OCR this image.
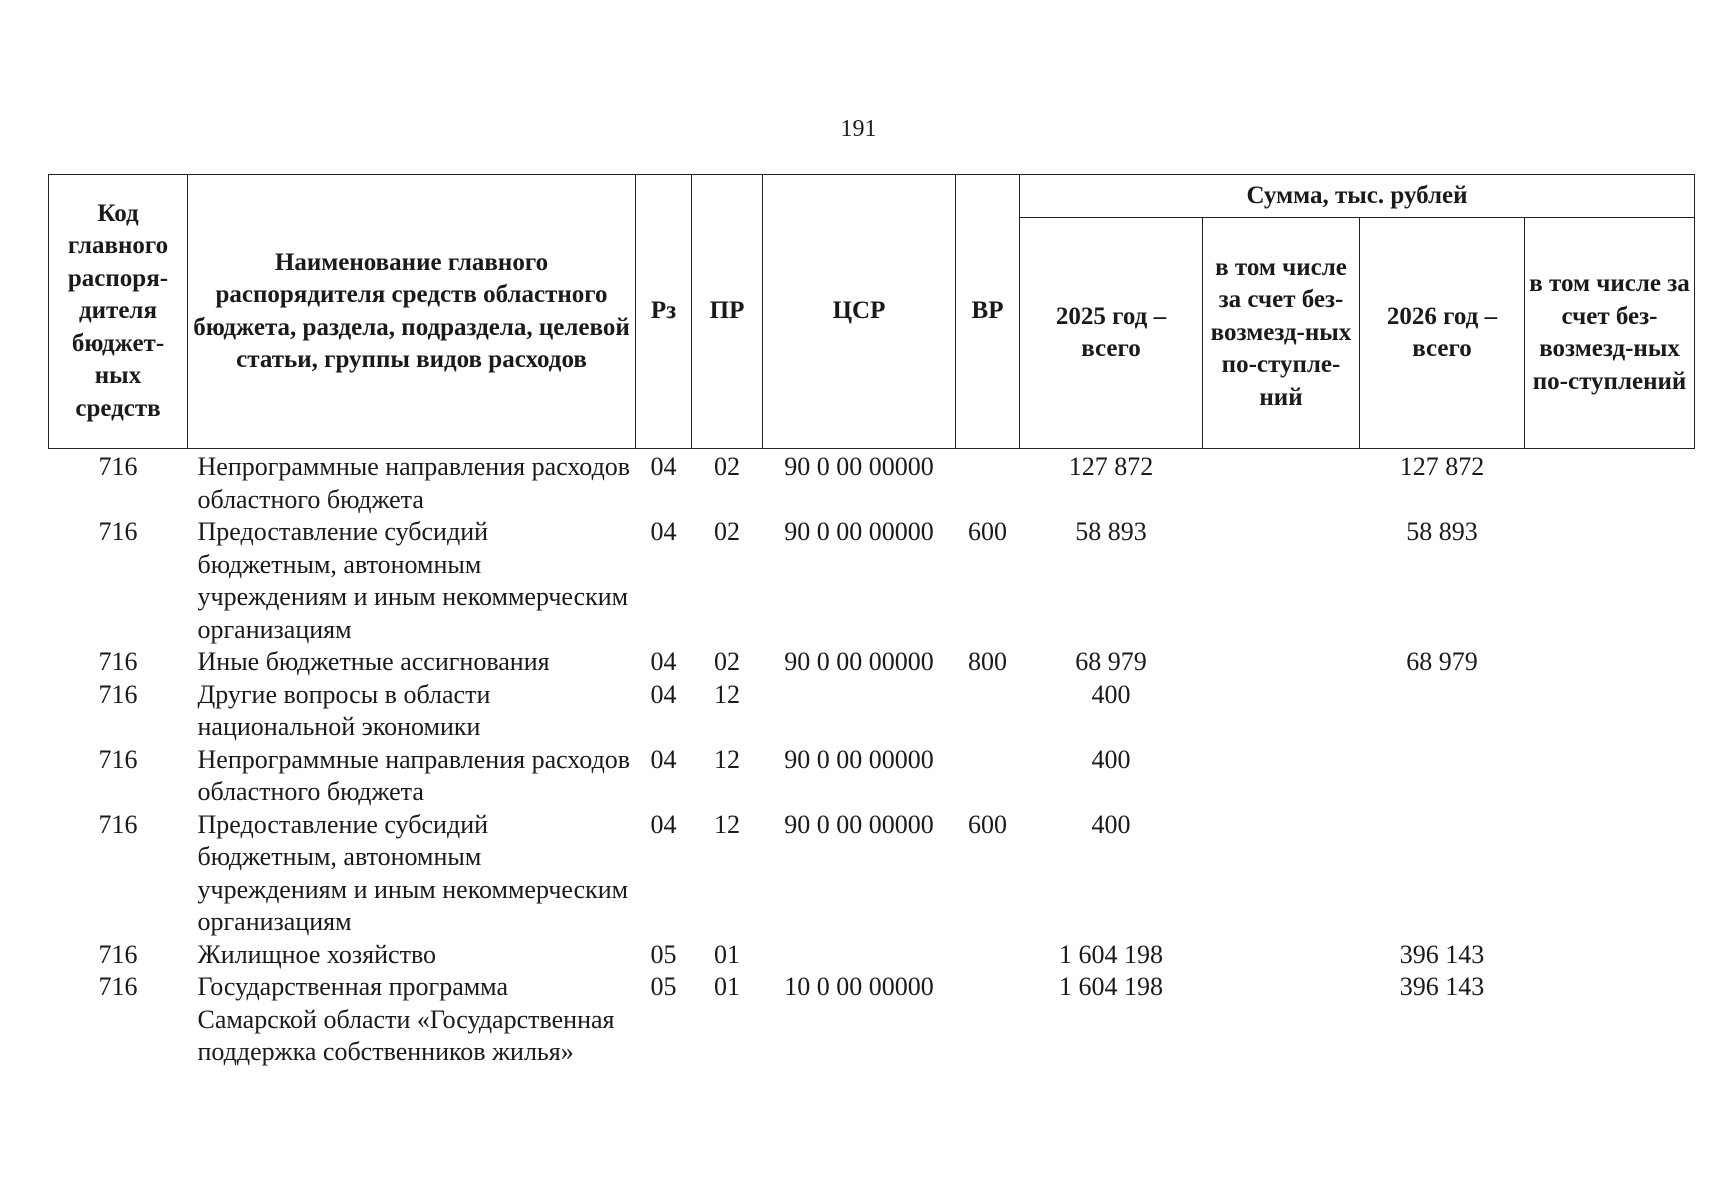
191
Код главного распоря-дителя бюджет-ных средств	Наименование главного распорядителя средств областного бюджета, раздела, подраздела, целевой статьи, группы видов расходов	Рз	ПР	ЦСР	ВР	Сумма, тыс. рублей			
						2025 год – всего	в том числе за счет без-возмезд-ных по-ступле-ний	2026 год – всего	в том числе за счет без-возмезд-ных по-ступлений
716	Непрограммные направления расходов областного бюджета	04	02	90 0 00 00000		127 872		127 872	
716	Предоставление субсидий бюджетным, автономным учреждениям и иным некоммерческим организациям	04	02	90 0 00 00000	600	58 893		58 893	
716	Иные бюджетные ассигнования	04	02	90 0 00 00000	800	68 979		68 979	
716	Другие вопросы в области национальной экономики	04	12			400			
716	Непрограммные направления расходов областного бюджета	04	12	90 0 00 00000		400			
716	Предоставление субсидий бюджетным, автономным учреждениям и иным некоммерческим организациям	04	12	90 0 00 00000	600	400			
716	Жилищное хозяйство	05	01			1 604 198		396 143	
716	Государственная программа Самарской области «Государственная поддержка собственников жилья»	05	01	10 0 00 00000		1 604 198		396 143	
